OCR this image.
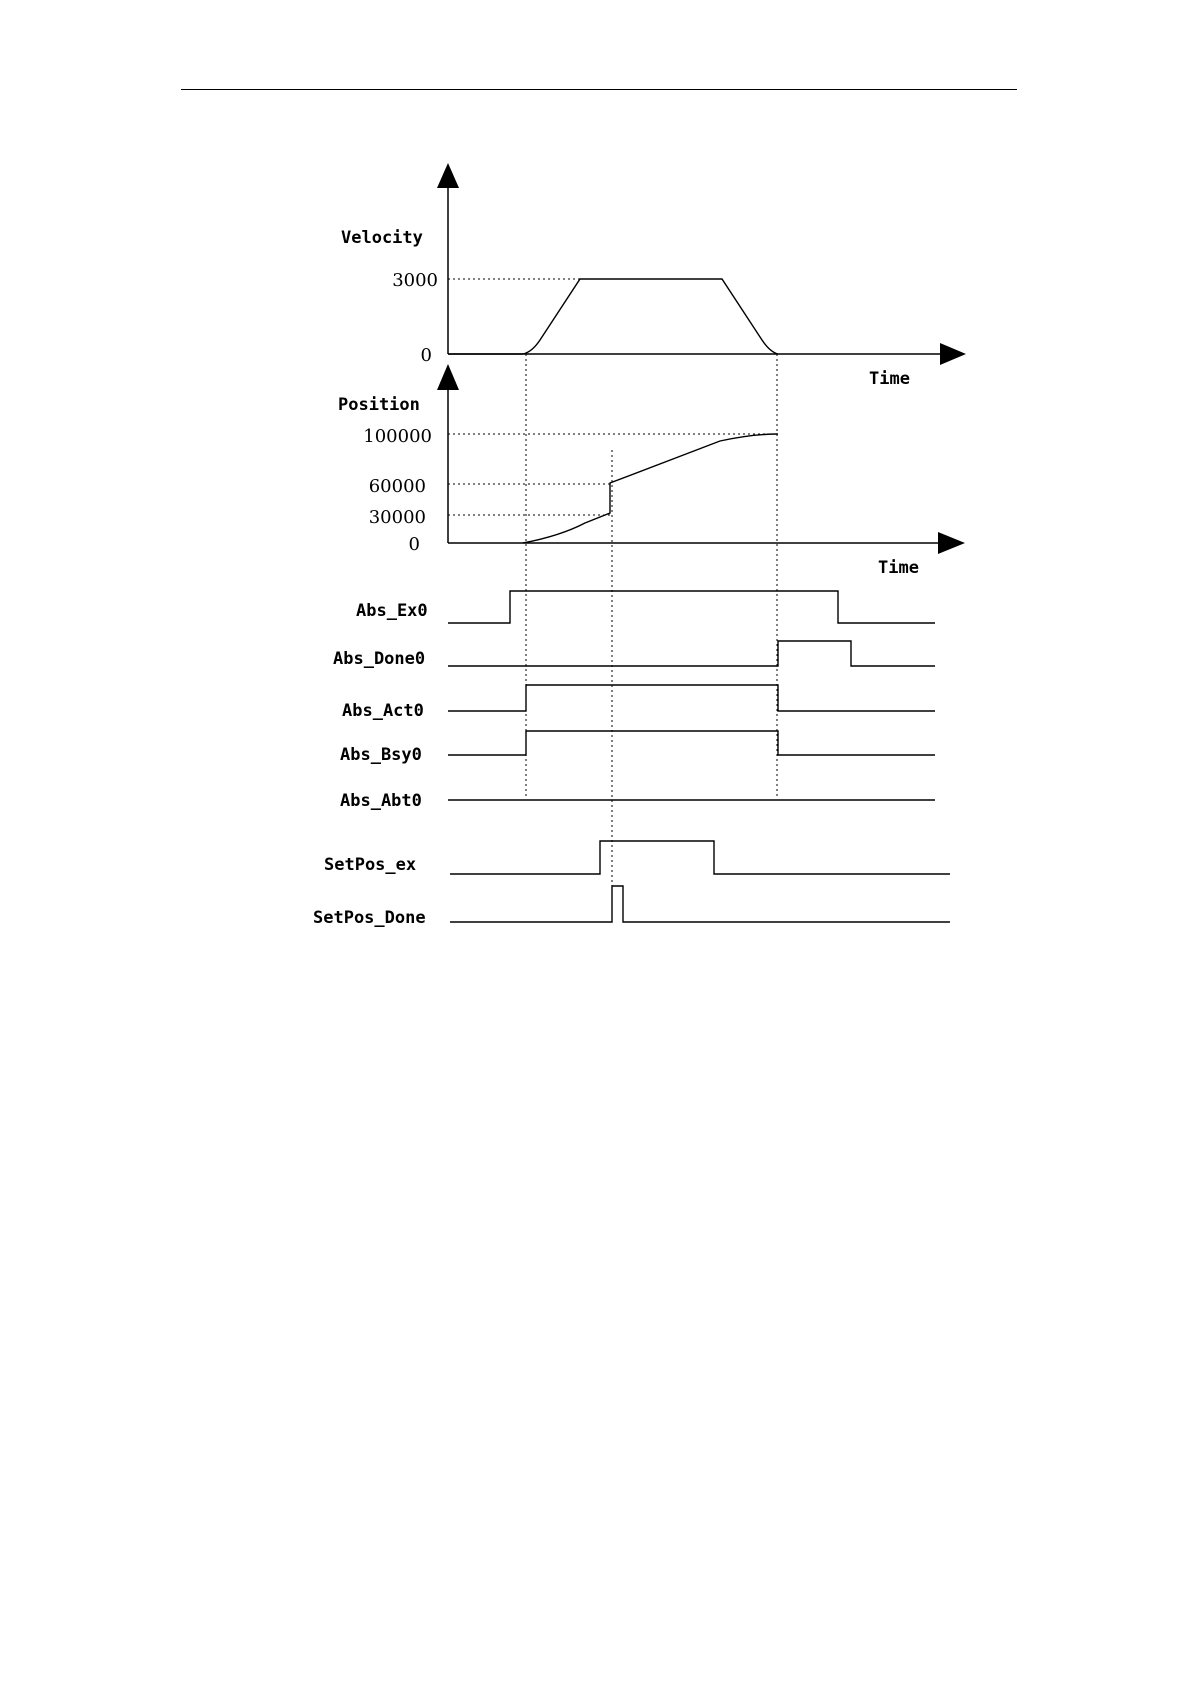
Velocity
3000
0
Time
Position
100000
60000
30000
0
Time
Abs_Ex0
Abs_Done0
Abs_Act0
Abs_Bsy0
Abs_Abt0
SetPos_ex
SetPos_Done
